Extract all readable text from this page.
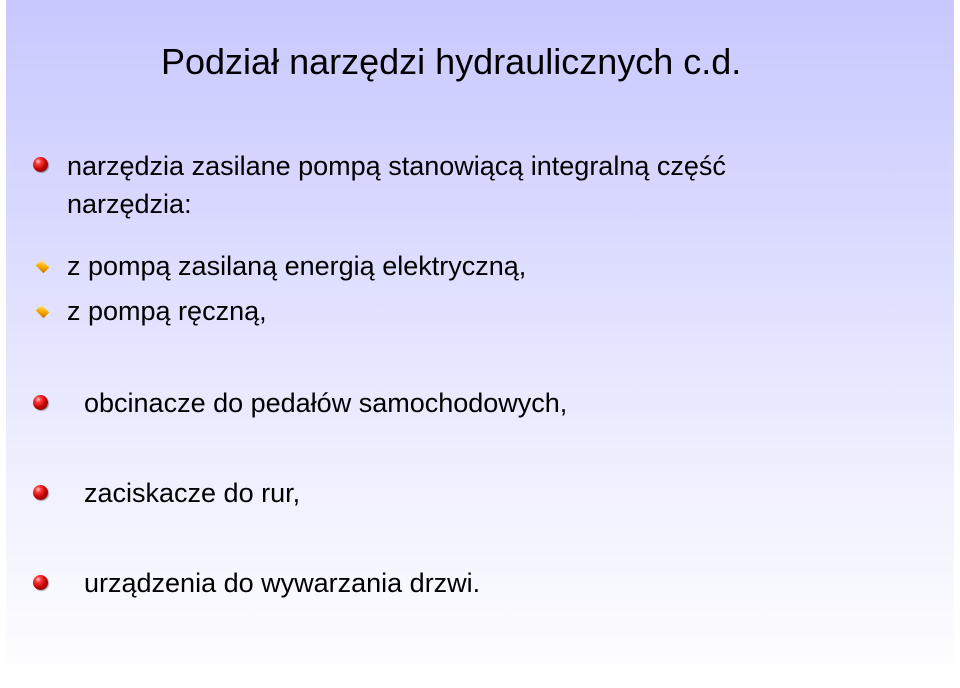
Podział narzędzi hydraulicznych c.d.

narzędzia zasilane pompą stanowiącą integralną część

narzędzia:

z pompą zasilaną energią elektryczną,

z pompą ręczną,

obcinacze do pedałów samochodowych,

zaciskacze do rur,

urządzenia do wywarzania drzwi.
